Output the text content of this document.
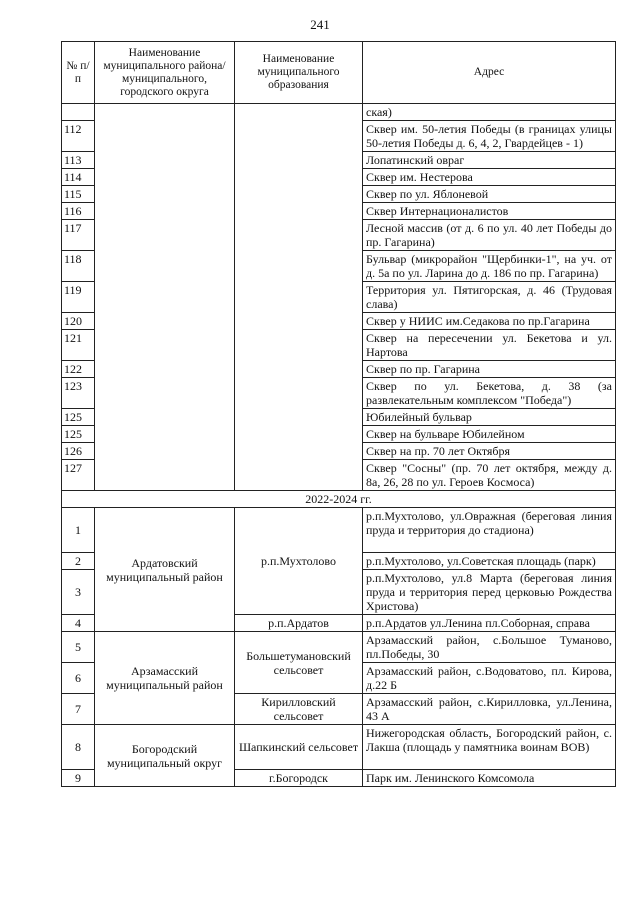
241
№ п/п	Наименование муниципального района/ муниципального, городского округа	Наименование муниципального образования	Адрес
			ская)
112			Сквер им. 50-летия Победы (в границах улицы 50-летия Победы д. 6, 4, 2, Гвардейцев - 1)
113			Лопатинский овраг
114			Сквер им. Нестерова
115			Сквер по ул. Яблоневой
116			Сквер Интернационалистов
117			Лесной массив (от д. 6 по ул. 40 лет Победы до пр. Гагарина)
118			Бульвар (микрорайон "Щербинки-1", на уч. от д. 5а по ул. Ларина до д. 186 по пр. Гагарина)
119			Территория ул. Пятигорская, д. 46 (Трудовая слава)
120			Сквер у НИИС им.Седакова по пр.Гагарина
121			Сквер на пересечении ул. Бекетова и ул. Нартова
122			Сквер по пр. Гагарина
123			Сквер по ул. Бекетова, д. 38 (за развлекательным комплексом "Победа")
125			Юбилейный бульвар
125			Сквер на бульваре Юбилейном
126			Сквер на пр. 70 лет Октября
127			Сквер "Сосны" (пр. 70 лет октября, между д. 8а, 26, 28 по ул. Героев Космоса)
2022-2024 гг.			
1	Ардатовский муниципальный район	р.п.Мухтолово	р.п.Мухтолово, ул.Овражная (береговая линия пруда и территория до стадиона)
2			р.п.Мухтолово, ул.Советская площадь (парк)
3			р.п.Мухтолово, ул.8 Марта (береговая линия пруда и территория перед церковью Рождества Христова)
4		р.п.Ардатов	р.п.Ардатов ул.Ленина пл.Соборная, справа
5	Арзамасский муниципальный район	Большетумановский сельсовет	Арзамасский район, с.Большое Туманово, пл.Победы, 30
6			Арзамасский район, с.Водоватово, пл. Кирова, д.22 Б
7		Кирилловский сельсовет	Арзамасский район, с.Кирилловка, ул.Ленина, 43 А
8	Богородский муниципальный округ	Шапкинский сельсовет	Нижегородская область, Богородский район, с. Лакша (площадь у памятника воинам ВОВ)
9		г.Богородск	Парк им. Ленинского Комсомола
